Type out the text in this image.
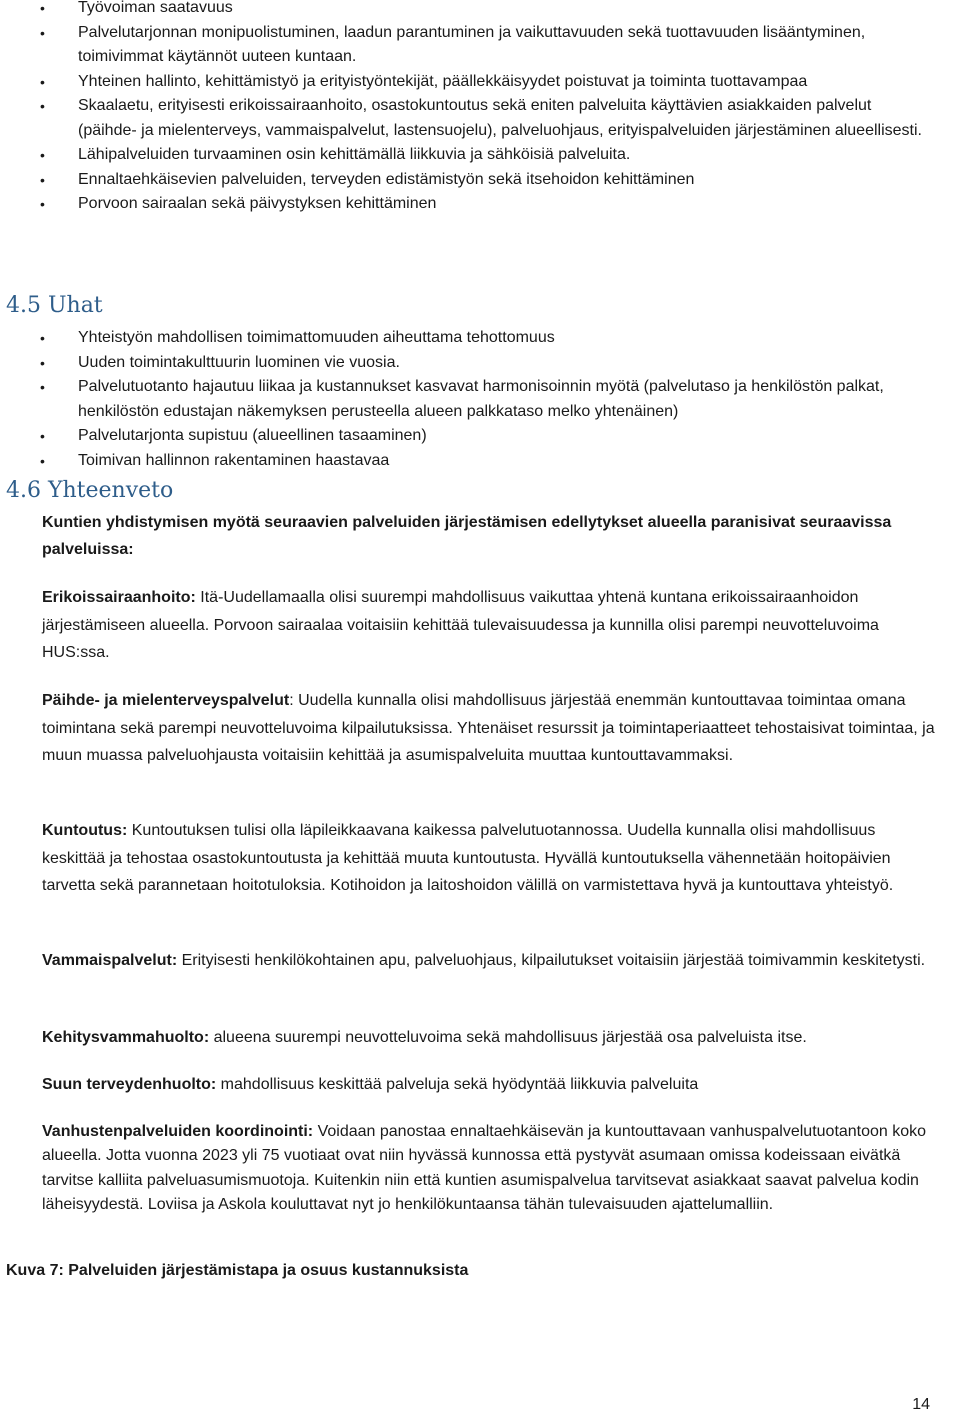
• Työvoiman saatavuus
• Palvelutarjonnan monipuolistuminen, laadun parantuminen ja vaikuttavuuden sekä tuottavuuden lisääntyminen, toimivimmat käytännöt uuteen kuntaan.
• Yhteinen hallinto, kehittämistyö ja erityistyöntekijät, päällekkäisyydet poistuvat ja toiminta tuottavampaa
• Skaalaetu, erityisesti erikoissairaanhoito, osastokuntoutus sekä eniten palveluita käyttävien asiakkaiden palvelut (päihde- ja mielenterveys, vammaispalvelut, lastensuojelu), palveluohjaus, erityispalveluiden järjestäminen alueellisesti.
• Lähipalveluiden turvaaminen osin kehittämällä liikkuvia ja sähköisiä palveluita.
• Ennaltaehkäisevien palveluiden, terveyden edistämistyön sekä itsehoidon kehittäminen
• Porvoon sairaalan sekä päivystyksen kehittäminen
4.5 Uhat
• Yhteistyön mahdollisen toimimattomuuden aiheuttama tehottomuus
• Uuden toimintakulttuurin luominen vie vuosia.
• Palvelutuotanto hajautuu liikaa ja kustannukset kasvavat harmonisoinnin myötä (palvelutaso ja henkilöstön palkat, henkilöstön edustajan näkemyksen perusteella alueen palkkataso melko yhtenäinen)
• Palvelutarjonta supistuu (alueellinen tasaaminen)
• Toimivan hallinnon rakentaminen haastavaa
4.6 Yhteenveto

Kuntien yhdistymisen myötä seuraavien palveluiden järjestämisen edellytykset alueella paranisivat seuraavissa palveluissa:

Erikoissairaanhoito: Itä-Uudellamaalla olisi suurempi mahdollisuus vaikuttaa yhtenä kuntana erikoissairaanhoidon järjestämiseen alueella. Porvoon sairaalaa voitaisiin kehittää tulevaisuudessa ja kunnilla olisi parempi neuvotteluvoima HUS:ssa.

Päihde- ja mielenterveyspalvelut: Uudella kunnalla olisi mahdollisuus järjestää enemmän kuntouttavaa toimintaa omana toimintana sekä parempi neuvotteluvoima kilpailutuksissa. Yhtenäiset resurssit ja toimintaperiaatteet tehostaisivat toimintaa, ja muun muassa palveluohjausta voitaisiin kehittää ja asumispalveluita muuttaa kuntouttavammaksi.

Kuntoutus: Kuntoutuksen tulisi olla läpileikkaavana kaikessa palvelutuotannossa. Uudella kunnalla olisi mahdollisuus keskittää ja tehostaa osastokuntoutusta ja kehittää muuta kuntoutusta. Hyvällä kuntoutuksella vähennetään hoitopäivien tarvetta sekä parannetaan hoitotuloksia. Kotihoidon ja laitoshoidon välillä on varmistettava hyvä ja kuntouttava yhteistyö.

Vammaispalvelut: Erityisesti henkilökohtainen apu, palveluohjaus, kilpailutukset voitaisiin järjestää toimivammin keskitetysti.

Kehitysvammahuolto: alueena suurempi neuvotteluvoima sekä mahdollisuus järjestää osa palveluista itse.

Suun terveydenhuolto: mahdollisuus keskittää palveluja sekä hyödyntää liikkuvia palveluita

Vanhustenpalveluiden koordinointi: Voidaan panostaa ennaltaehkäisevän ja kuntouttavaan vanhuspalvelutuotantoon koko alueella. Jotta vuonna 2023 yli 75 vuotiaat ovat niin hyvässä kunnossa että pystyvät asumaan omissa kodeissaan eivätkä tarvitse kalliita palveluasumismuotoja. Kuitenkin niin että kuntien asumispalvelua tarvitsevat asiakkaat saavat palvelua kodin läheisyydestä. Loviisa ja Askola kouluttavat nyt jo henkilökuntaansa tähän tulevaisuuden ajattelumalliin.

Kuva 7: Palveluiden järjestämistapa ja osuus kustannuksista

14
